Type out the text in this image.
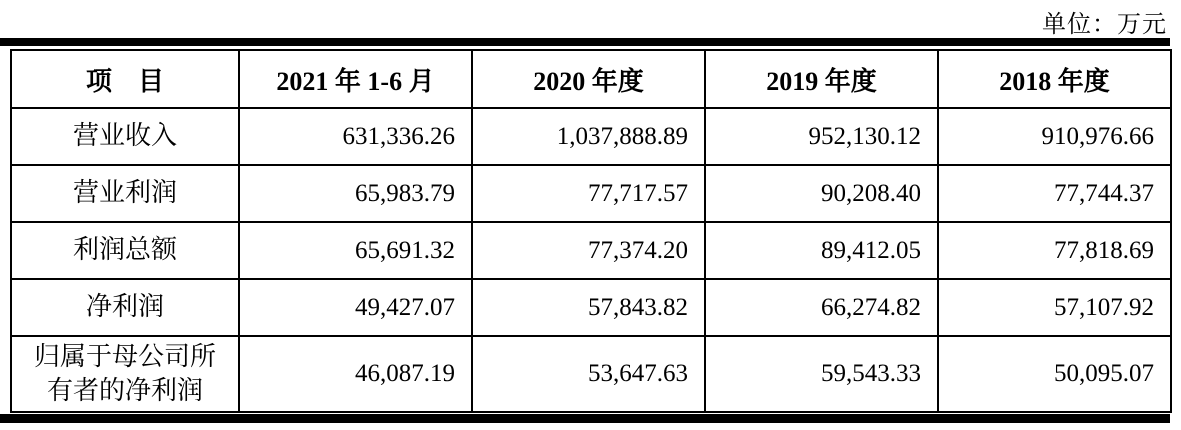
单位：万元
项　目	2021 年 1-6 月	2020 年度	2019 年度	2018 年度
营业收入	631,336.26	1,037,888.89	952,130.12	910,976.66
营业利润	65,983.79	77,717.57	90,208.40	77,744.37
利润总额	65,691.32	77,374.20	89,412.05	77,818.69
净利润	49,427.07	57,843.82	66,274.82	57,107.92
归属于母公司所有者的净利润	46,087.19	53,647.63	59,543.33	50,095.07
